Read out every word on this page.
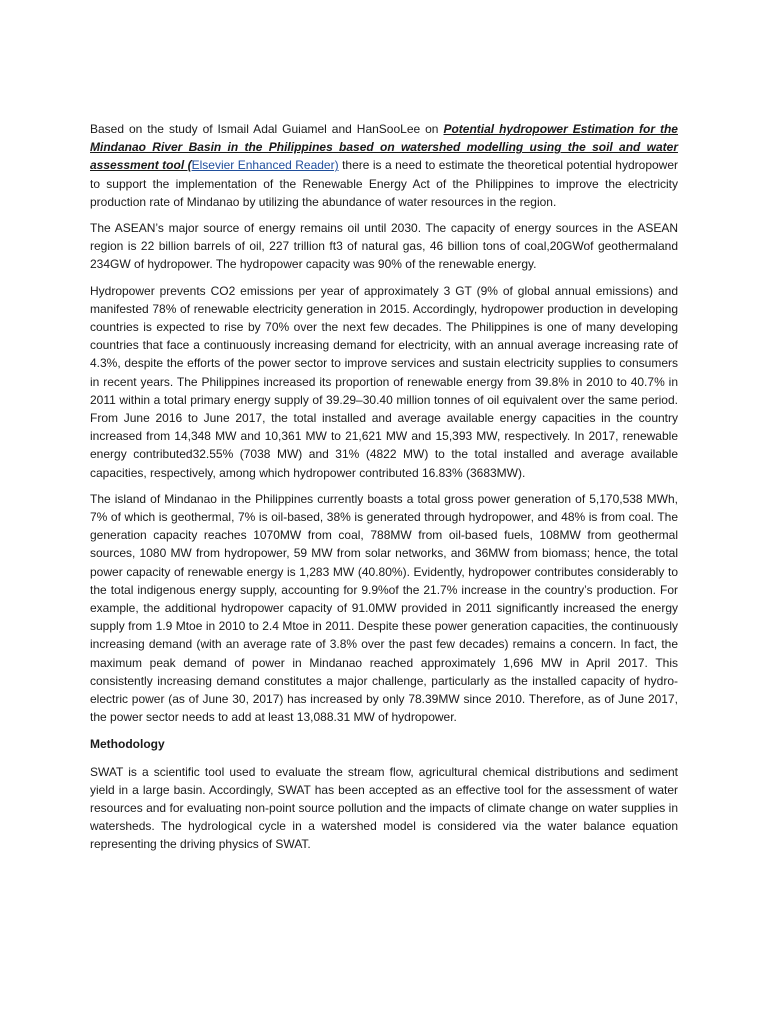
Based on the study of Ismail Adal Guiamel and HanSooLee on Potential hydropower Estimation for the Mindanao River Basin in the Philippines based on watershed modelling using the soil and water assessment tool (Elsevier Enhanced Reader) there is a need to estimate the theoretical potential hydropower to support the implementation of the Renewable Energy Act of the Philippines to improve the electricity production rate of Mindanao by utilizing the abundance of water resources in the region.

The ASEAN’s major source of energy remains oil until 2030. The capacity of energy sources in the ASEAN region is 22 billion barrels of oil, 227 trillion ft3 of natural gas, 46 billion tons of coal,20GWof geothermaland 234GW of hydropower. The hydropower capacity was 90% of the renewable energy.

Hydropower prevents CO2 emissions per year of approximately 3 GT (9% of global annual emissions) and manifested 78% of renewable electricity generation in 2015. Accordingly, hydropower production in developing countries is expected to rise by 70% over the next few decades. The Philippines is one of many developing countries that face a continuously increasing demand for electricity, with an annual average increasing rate of 4.3%, despite the efforts of the power sector to improve services and sustain electricity supplies to consumers in recent years. The Philippines increased its proportion of renewable energy from 39.8% in 2010 to 40.7% in 2011 within a total primary energy supply of 39.29–30.40 million tonnes of oil equivalent over the same period. From June 2016 to June 2017, the total installed and average available energy capacities in the country increased from 14,348 MW and 10,361 MW to 21,621 MW and 15,393 MW, respectively. In 2017, renewable energy contributed32.55% (7038 MW) and 31% (4822 MW) to the total installed and average available capacities, respectively, among which hydropower contributed 16.83% (3683MW).

The island of Mindanao in the Philippines currently boasts a total gross power generation of 5,170,538 MWh, 7% of which is geothermal, 7% is oil-based, 38% is generated through hydropower, and 48% is from coal. The generation capacity reaches 1070MW from coal, 788MW from oil-based fuels, 108MW from geothermal sources, 1080 MW from hydropower, 59 MW from solar networks, and 36MW from biomass; hence, the total power capacity of renewable energy is 1,283 MW (40.80%). Evidently, hydropower contributes considerably to the total indigenous energy supply, accounting for 9.9%of the 21.7% increase in the country’s production. For example, the additional hydropower capacity of 91.0MW provided in 2011 significantly increased the energy supply from 1.9 Mtoe in 2010 to 2.4 Mtoe in 2011. Despite these power generation capacities, the continuously increasing demand (with an average rate of 3.8% over the past few decades) remains a concern. In fact, the maximum peak demand of power in Mindanao reached approximately 1,696 MW in April 2017. This consistently increasing demand constitutes a major challenge, particularly as the installed capacity of hydro-electric power (as of June 30, 2017) has increased by only 78.39MW since 2010. Therefore, as of June 2017, the power sector needs to add at least 13,088.31 MW of hydropower.

Methodology

SWAT is a scientific tool used to evaluate the stream flow, agricultural chemical distributions and sediment yield in a large basin. Accordingly, SWAT has been accepted as an effective tool for the assessment of water resources and for evaluating non-point source pollution and the impacts of climate change on water supplies in watersheds. The hydrological cycle in a watershed model is considered via the water balance equation representing the driving physics of SWAT.
